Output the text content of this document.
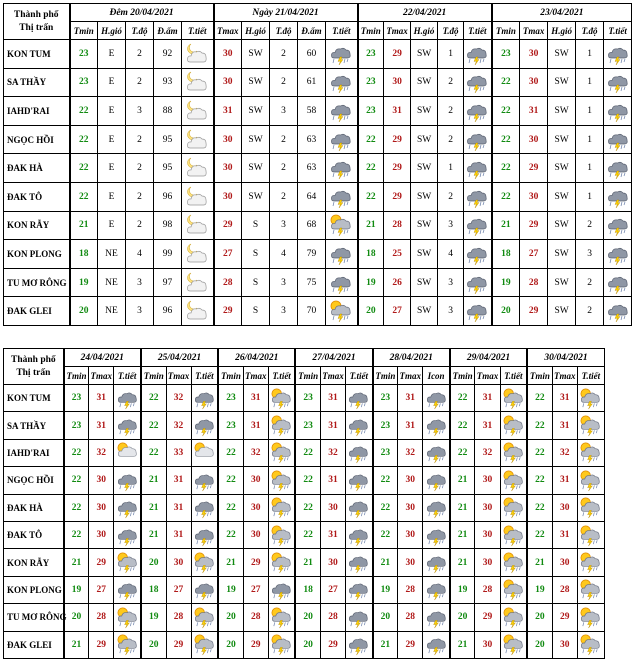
Thành phố
Thị trấn	Đêm 20/04/2021					Ngày 21/04/2021					22/04/2021					23/04/2021				
	Tmin	H.gió	T.độ	Đ.ẩm	T.tiết	Tmax	H.gió	T.độ	Đ.ẩm	T.tiết	Tmin	Tmax	H.gió	T.độ	T.tiết	Tmin	Tmax	H.gió	T.độ	T.tiết
KON TUM	23	E	2	92		30	SW	2	60		23	29	SW	1		23	30	SW	1	

SA THẦY	23	E	2	93		30	SW	2	61		23	30	SW	2		22	30	SW	1	

IAHD'RAI	22	E	3	88		31	SW	3	58		23	31	SW	2		22	31	SW	1	

NGỌC HỒI	22	E	2	95		30	SW	2	63		22	29	SW	2		22	30	SW	1	

ĐAK HÀ	22	E	2	95		30	SW	2	63		22	29	SW	1		22	29	SW	1	

ĐAK TÔ	22	E	2	96		30	SW	2	64		22	29	SW	2		22	30	SW	1	

KON RẪY	21	E	2	98		29	S	3	68		21	28	SW	3		21	29	SW	2	

KON PLONG	18	NE	4	99		27	S	4	79		18	25	SW	4		18	27	SW	3	

TU MƠ RÔNG	19	NE	3	97		28	S	3	75		19	26	SW	3		19	28	SW	2	

ĐAK GLEI	20	NE	3	96		29	S	3	70		20	27	SW	3		20	29	SW	2	
Thành phố
Thị trấn	24/04/2021			25/04/2021			26/04/2021			27/04/2021			28/04/2021			29/04/2021			30/04/2021		
	Tmin	Tmax	T.tiết	Tmin	Tmax	T.tiết	Tmin	Tmax	T.tiết	Tmin	Tmax	T.tiết	Tmin	Tmax	Icon	Tmin	Tmax	T.tiết	Tmin	Tmax	T.tiết
KON TUM	23	31		22	32		23	31		23	31		23	31		22	31		22	31	

SA THẦY	23	31		22	32		23	31		23	31		23	31		22	31		22	31	

IAHD'RAI	22	32		22	33		22	32		22	32		23	32		22	32		22	32	

NGỌC HỒI	22	30		21	31		22	30		22	31		22	30		21	30		22	31	

ĐAK HÀ	22	30		21	31		22	30		22	30		22	30		21	30		22	30	

ĐAK TÔ	22	30		21	31		22	30		22	31		22	30		21	30		22	31	

KON RẪY	21	29		20	30		21	29		21	30		21	30		21	30		21	30	

KON PLONG	19	27		18	27		19	27		18	27		19	28		19	28		19	28	

TU MƠ RÔNG	20	28		19	28		20	28		20	28		20	28		20	29		20	29	

ĐAK GLEI	21	29		20	29		20	29		20	29		21	29		21	30		20	30	
